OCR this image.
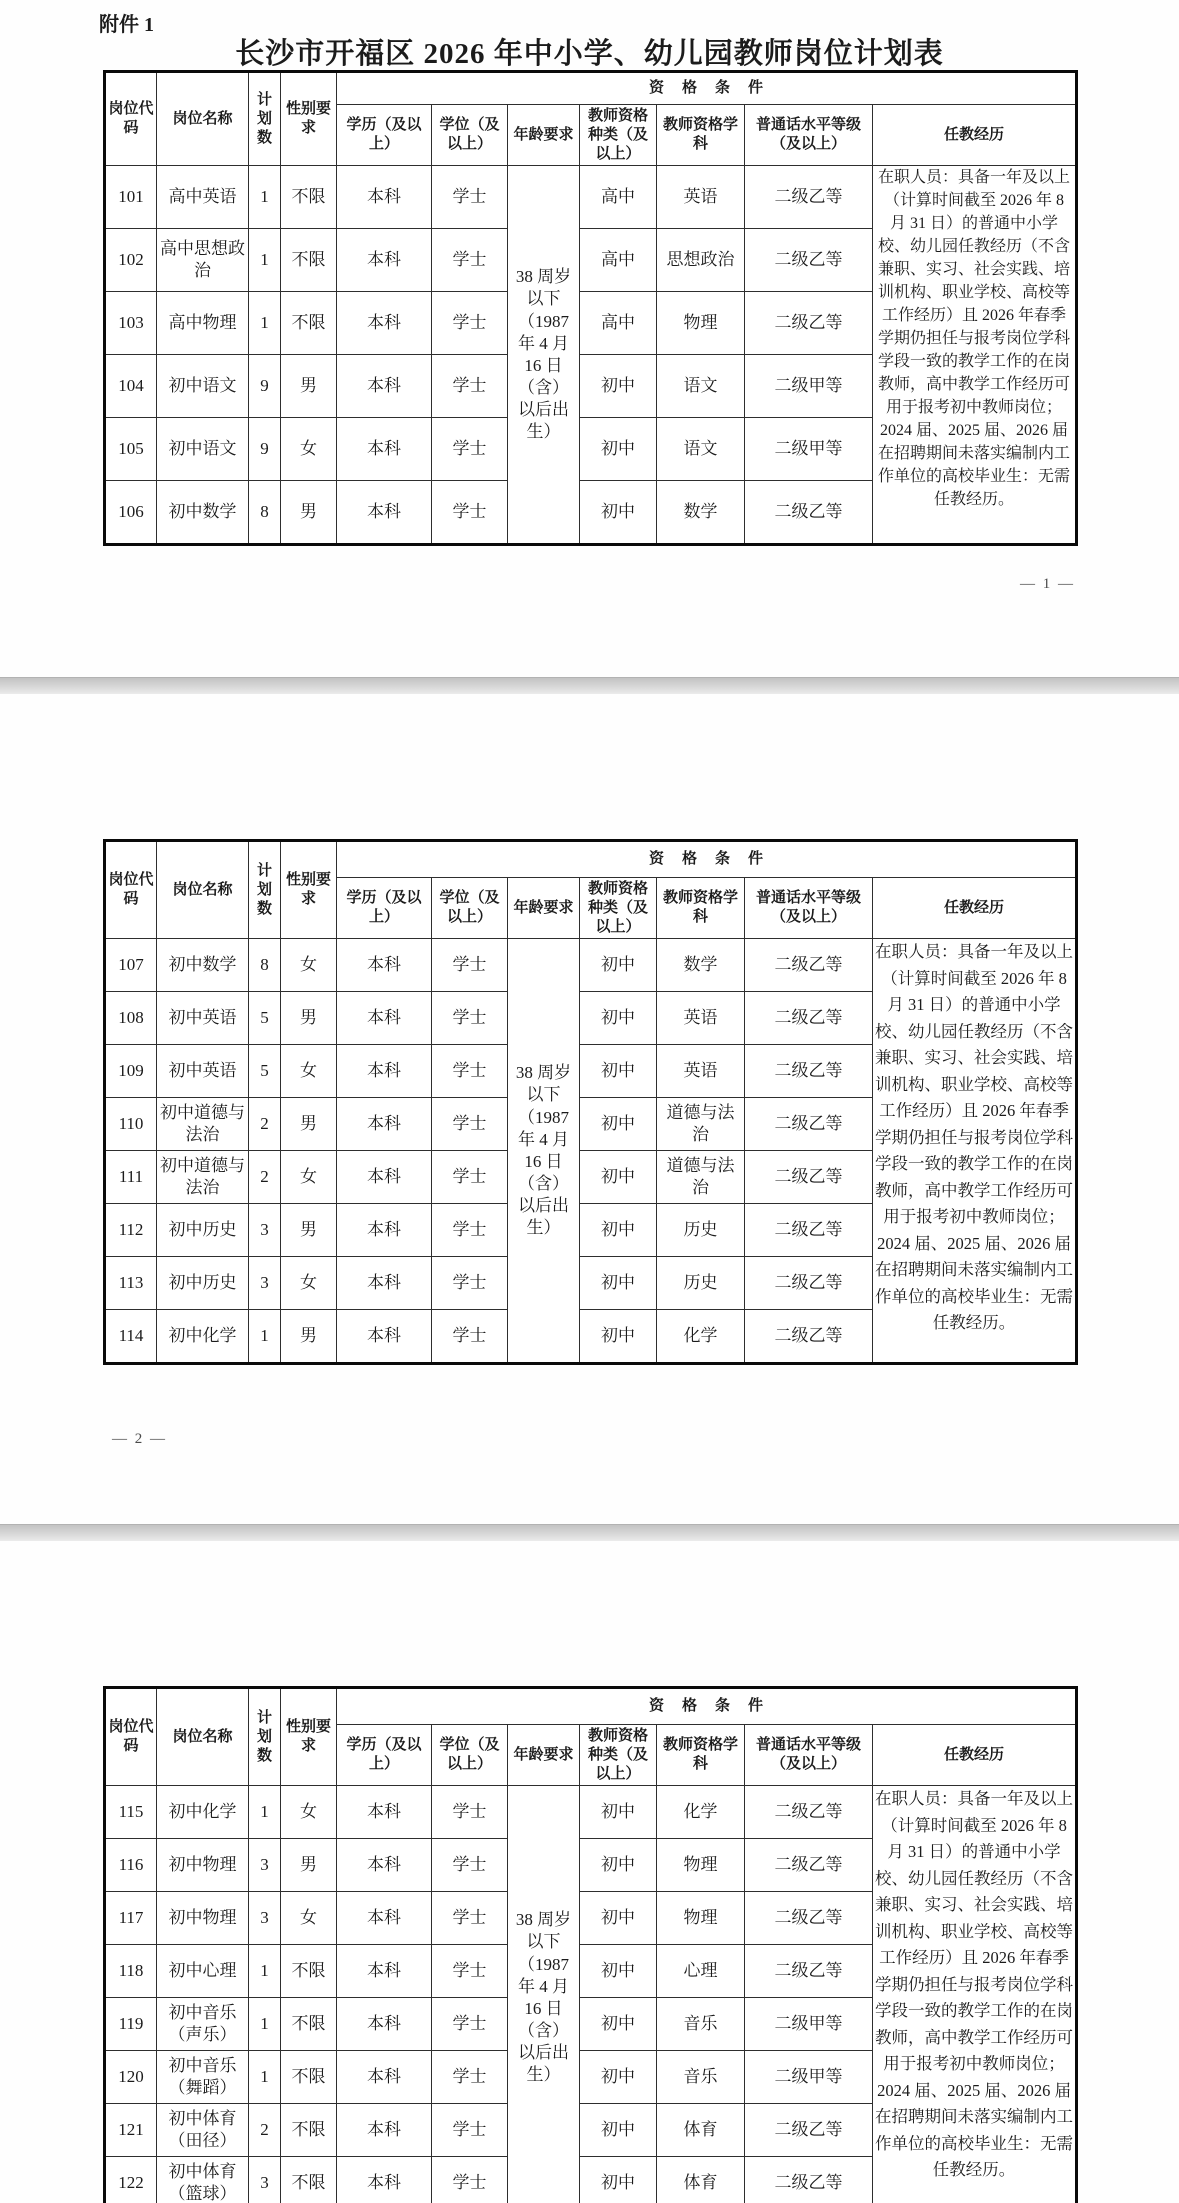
附件 1
长沙市开福区 2026 年中小学、幼儿园教师岗位计划表
岗位代码	岗位名称	计划数	性别要求	资格条件						
				学历（及以上）	学位（及以上）	年龄要求	教师资格种类（及以上）	教师资格学科	普通话水平等级（及以上）	任教经历
101	高中英语	1	不限	本科	学士	38 周岁以下（1987 年 4 月 16 日（含）以后出生）	高中	英语	二级乙等	在职人员：具备一年及以上（计算时间截至 2026 年 8 月 31 日）的普通中小学校、幼儿园任教经历（不含兼职、实习、社会实践、培训机构、职业学校、高校等工作经历）且 2026 年春季学期仍担任与报考岗位学科学段一致的教学工作的在岗教师，高中教学工作经历可用于报考初中教师岗位；
2024 届、2025 届、2026 届在招聘期间未落实编制内工作单位的高校毕业生：无需任教经历。

102	高中思想政治	1	不限	本科	学士		高中	思想政治	二级乙等	
103	高中物理	1	不限	本科	学士		高中	物理	二级乙等	
104	初中语文	9	男	本科	学士		初中	语文	二级甲等	
105	初中语文	9	女	本科	学士		初中	语文	二级甲等	
106	初中数学	8	男	本科	学士		初中	数学	二级乙等	
— 1 —
岗位代码	岗位名称	计划数	性别要求	资格条件						
				学历（及以上）	学位（及以上）	年龄要求	教师资格种类（及以上）	教师资格学科	普通话水平等级（及以上）	任教经历
107	初中数学	8	女	本科	学士	38 周岁以下（1987 年 4 月 16 日（含）以后出生）	初中	数学	二级乙等	在职人员：具备一年及以上（计算时间截至 2026 年 8 月 31 日）的普通中小学校、幼儿园任教经历（不含兼职、实习、社会实践、培训机构、职业学校、高校等工作经历）且 2026 年春季学期仍担任与报考岗位学科学段一致的教学工作的在岗教师，高中教学工作经历可用于报考初中教师岗位；
2024 届、2025 届、2026 届在招聘期间未落实编制内工作单位的高校毕业生：无需任教经历。

108	初中英语	5	男	本科	学士		初中	英语	二级乙等	
109	初中英语	5	女	本科	学士		初中	英语	二级乙等	
110	初中道德与法治	2	男	本科	学士		初中	道德与法治	二级乙等	
111	初中道德与法治	2	女	本科	学士		初中	道德与法治	二级乙等	
112	初中历史	3	男	本科	学士		初中	历史	二级乙等	
113	初中历史	3	女	本科	学士		初中	历史	二级乙等	
114	初中化学	1	男	本科	学士		初中	化学	二级乙等	
— 2 —
岗位代码	岗位名称	计划数	性别要求	资格条件						
				学历（及以上）	学位（及以上）	年龄要求	教师资格种类（及以上）	教师资格学科	普通话水平等级（及以上）	任教经历
115	初中化学	1	女	本科	学士	38 周岁以下（1987 年 4 月 16 日（含）以后出生）	初中	化学	二级乙等	在职人员：具备一年及以上（计算时间截至 2026 年 8 月 31 日）的普通中小学校、幼儿园任教经历（不含兼职、实习、社会实践、培训机构、职业学校、高校等工作经历）且 2026 年春季学期仍担任与报考岗位学科学段一致的教学工作的在岗教师，高中教学工作经历可用于报考初中教师岗位；
2024 届、2025 届、2026 届在招聘期间未落实编制内工作单位的高校毕业生：无需任教经历。

116	初中物理	3	男	本科	学士		初中	物理	二级乙等	
117	初中物理	3	女	本科	学士		初中	物理	二级乙等	
118	初中心理	1	不限	本科	学士		初中	心理	二级乙等	
119	初中音乐（声乐）	1	不限	本科	学士		初中	音乐	二级甲等	
120	初中音乐（舞蹈）	1	不限	本科	学士		初中	音乐	二级甲等	
121	初中体育（田径）	2	不限	本科	学士		初中	体育	二级乙等	
122	初中体育（篮球）	3	不限	本科	学士		初中	体育	二级乙等	
